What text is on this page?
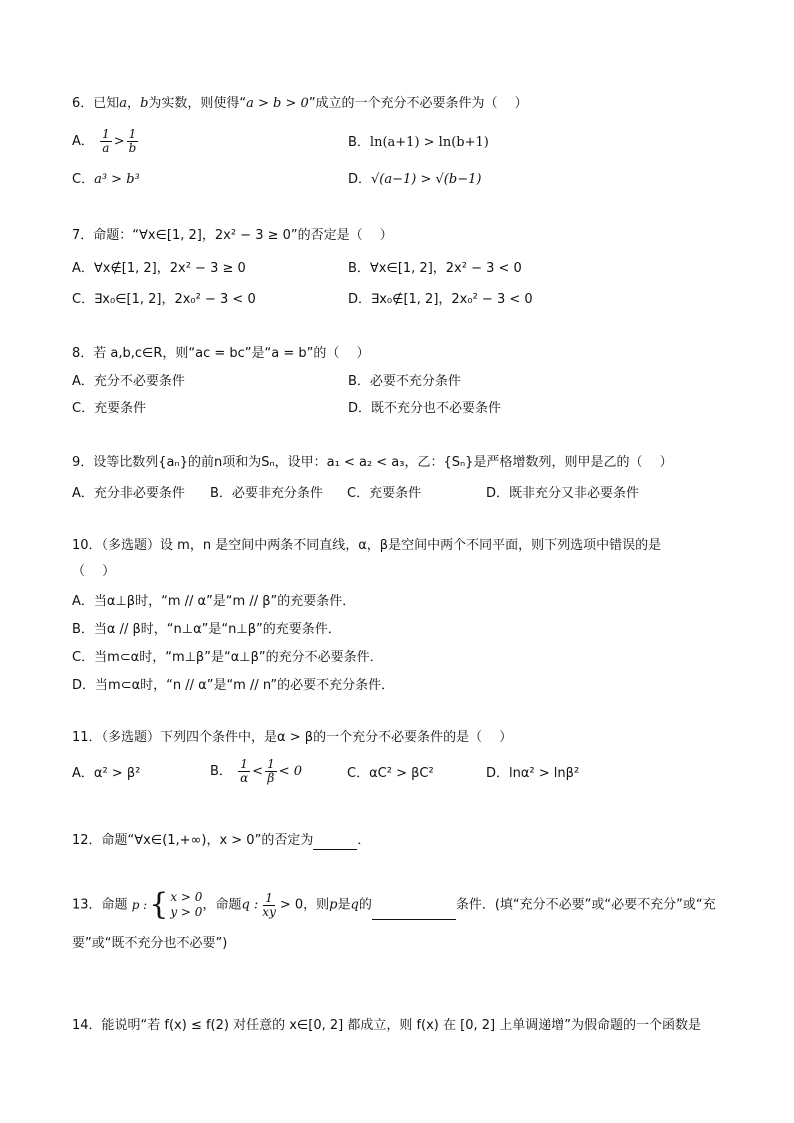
6．已知a，b为实数，则使得“a > b > 0”成立的一个充分不必要条件为（　 ）
A． $\frac{1}{a} > \frac{1}{b}$	B．ln(a+1) > ln(b+1)
C．a³ > b³	D．√(a−1) > √(b−1)
7．命题：“∀x∈[1, 2]，2x² − 3 ≥ 0”的否定是（　 ）
A．∀x∉[1, 2]，2x² − 3 ≥ 0	B．∀x∈[1, 2]，2x² − 3 < 0
C．∃x₀∈[1, 2]，2x₀² − 3 < 0	D．∃x₀∉[1, 2]，2x₀² − 3 < 0
8．若 a,b,c∈R，则“ac = bc”是“a = b”的（　 ）
A．充分不必要条件	B．必要不充分条件
C．充要条件	D．既不充分也不必要条件
9．设等比数列{aₙ}的前n项和为Sₙ，设甲：a₁ < a₂ < a₃，乙：{Sₙ}是严格增数列，则甲是乙的（　 ）
A．充分非必要条件 B．必要非充分条件 C．充要条件	D．既非充分又非必要条件
10．（多选题）设 m，n 是空间中两条不同直线，α，β是空间中两个不同平面，则下列选项中错误的是
（　 ）
A．当α⊥β时，“m // α”是“m // β”的充要条件．
B．当α // β时，“n⊥α”是“n⊥β”的充要条件．
C．当m⊂α时，“m⊥β”是“α⊥β”的充分不必要条件．
D．当m⊂α时，“n // α”是“m // n”的必要不充分条件．
11．（多选题）下列四个条件中，是α > β的一个充分不必要条件的是（　 ）
A．α² > β²	B． $\frac{1}{\alpha} < \frac{1}{\beta} < 0$	C．αC² > βC²	D．lnα² > lnβ²
12．命题“∀x∈(1,+∞)，x > 0”的否定为	．
13．命题 p : { x > 0
y > 0 ，命题q : $\frac{1}{xy} > 0$，则p是q的	条件．(填“充分不必要”或“必要不充分”或“充
要”或“既不充分也不必要”)
14．能说明“若 f(x) ≤ f(2) 对任意的 x∈[0, 2] 都成立，则 f(x) 在 [0, 2] 上单调递增”为假命题的一个函数是
